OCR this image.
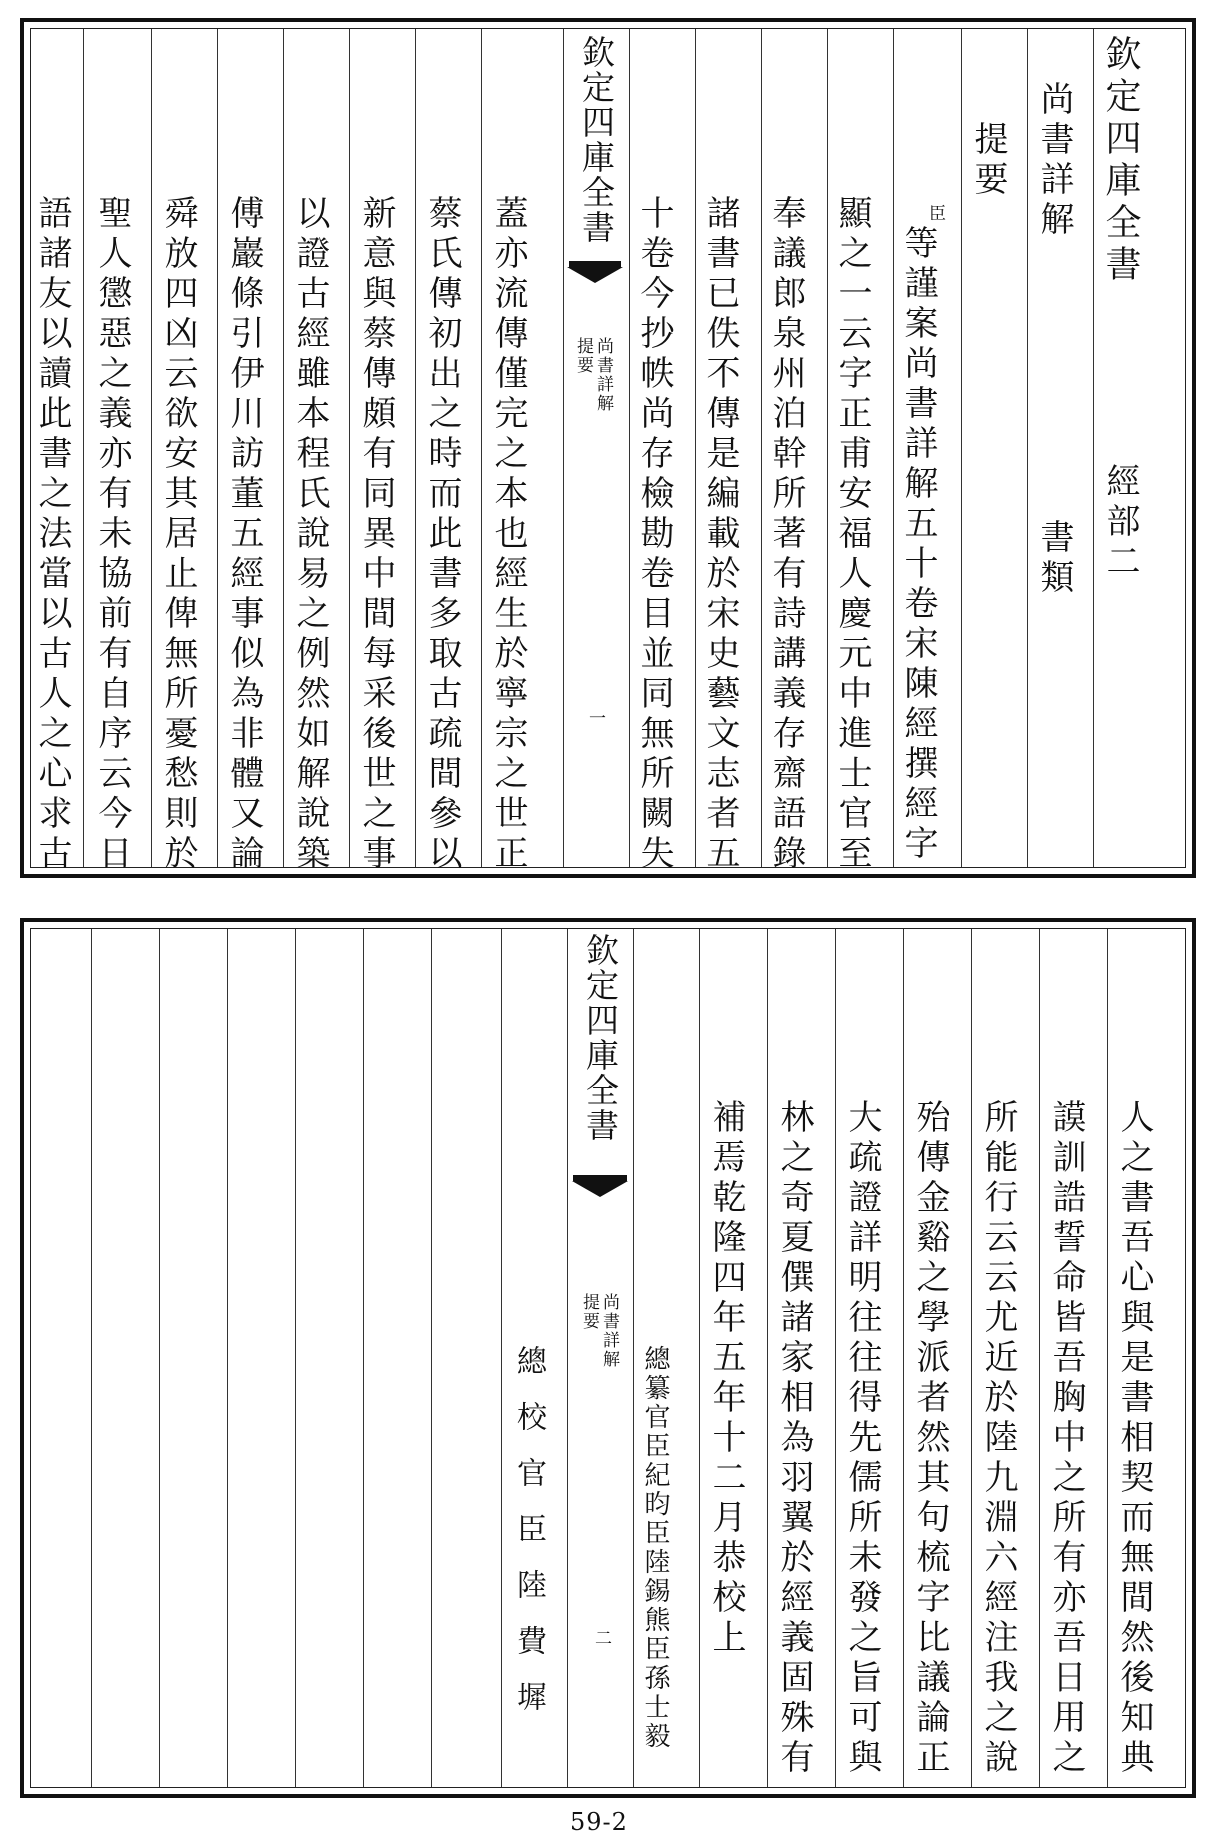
欽定四庫全書
尚書詳解
提要
一
欽定四庫全書
經部二
尚書詳解
書類
提要
臣
等謹案尚書詳解五十卷宋陳經撰經字
顯之一云字正甫安福人慶元中進士官至
奉議郎泉州泊幹所著有詩講義存齋語錄
諸書已佚不傳是編載於宋史藝文志者五
十卷今抄帙尚存檢勘卷目並同無所闕失
蓋亦流傳僅完之本也經生於寧宗之世正
蔡氏傳初出之時而此書多取古疏間參以
新意與蔡傳頗有同異中間每采後世之事
以證古經雖本程氏說易之例然如解說築
傅巖條引伊川訪董五經事似為非體又論
舜放四凶云欲安其居止俾無所憂愁則於
聖人懲惡之義亦有未協前有自序云今日
語諸友以讀此書之法當以古人之心求古
欽定四庫全書
尚書詳解
提要
二	人之書吾心與是書相契而無間然後知典
謨訓誥誓命皆吾胸中之所有亦吾日用之
所能行云云尤近於陸九淵六經注我之說
殆傳金谿之學派者然其句梳字比議論正
大疏證詳明往往得先儒所未發之旨可與
林之奇夏僎諸家相為羽翼於經義固殊有
補焉乾隆四年五年十二月恭校上
總纂官臣紀昀臣陸錫熊臣孫士毅
總校官臣陸費墀
59-2
